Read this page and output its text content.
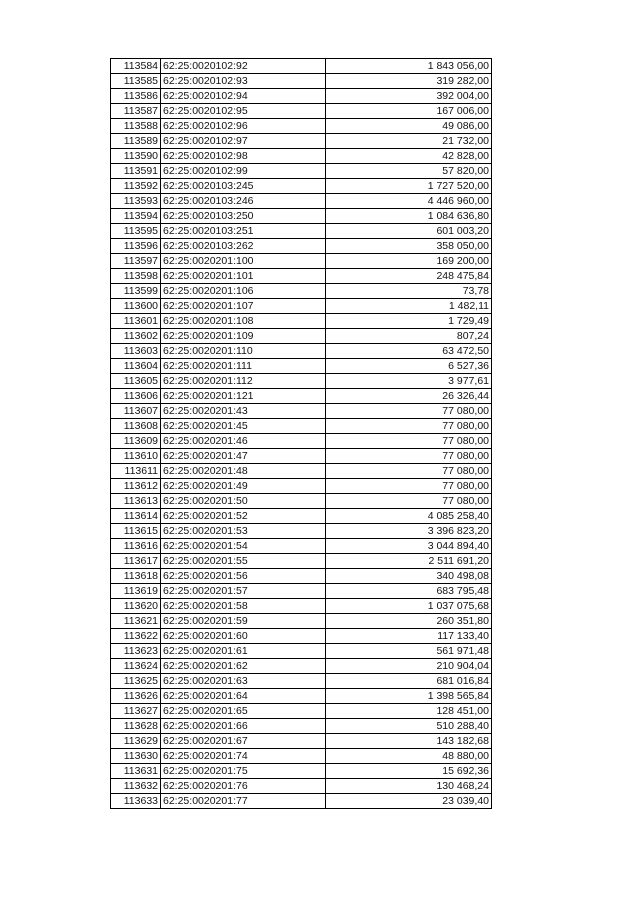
113584	62:25:0020102:92	1 843 056,00
113585	62:25:0020102:93	319 282,00
113586	62:25:0020102:94	392 004,00
113587	62:25:0020102:95	167 006,00
113588	62:25:0020102:96	49 086,00
113589	62:25:0020102:97	21 732,00
113590	62:25:0020102:98	42 828,00
113591	62:25:0020102:99	57 820,00
113592	62:25:0020103:245	1 727 520,00
113593	62:25:0020103:246	4 446 960,00
113594	62:25:0020103:250	1 084 636,80
113595	62:25:0020103:251	601 003,20
113596	62:25:0020103:262	358 050,00
113597	62:25:0020201:100	169 200,00
113598	62:25:0020201:101	248 475,84
113599	62:25:0020201:106	73,78
113600	62:25:0020201:107	1 482,11
113601	62:25:0020201:108	1 729,49
113602	62:25:0020201:109	807,24
113603	62:25:0020201:110	63 472,50
113604	62:25:0020201:111	6 527,36
113605	62:25:0020201:112	3 977,61
113606	62:25:0020201:121	26 326,44
113607	62:25:0020201:43	77 080,00
113608	62:25:0020201:45	77 080,00
113609	62:25:0020201:46	77 080,00
113610	62:25:0020201:47	77 080,00
113611	62:25:0020201:48	77 080,00
113612	62:25:0020201:49	77 080,00
113613	62:25:0020201:50	77 080,00
113614	62:25:0020201:52	4 085 258,40
113615	62:25:0020201:53	3 396 823,20
113616	62:25:0020201:54	3 044 894,40
113617	62:25:0020201:55	2 511 691,20
113618	62:25:0020201:56	340 498,08
113619	62:25:0020201:57	683 795,48
113620	62:25:0020201:58	1 037 075,68
113621	62:25:0020201:59	260 351,80
113622	62:25:0020201:60	117 133,40
113623	62:25:0020201:61	561 971,48
113624	62:25:0020201:62	210 904,04
113625	62:25:0020201:63	681 016,84
113626	62:25:0020201:64	1 398 565,84
113627	62:25:0020201:65	128 451,00
113628	62:25:0020201:66	510 288,40
113629	62:25:0020201:67	143 182,68
113630	62:25:0020201:74	48 880,00
113631	62:25:0020201:75	15 692,36
113632	62:25:0020201:76	130 468,24
113633	62:25:0020201:77	23 039,40
